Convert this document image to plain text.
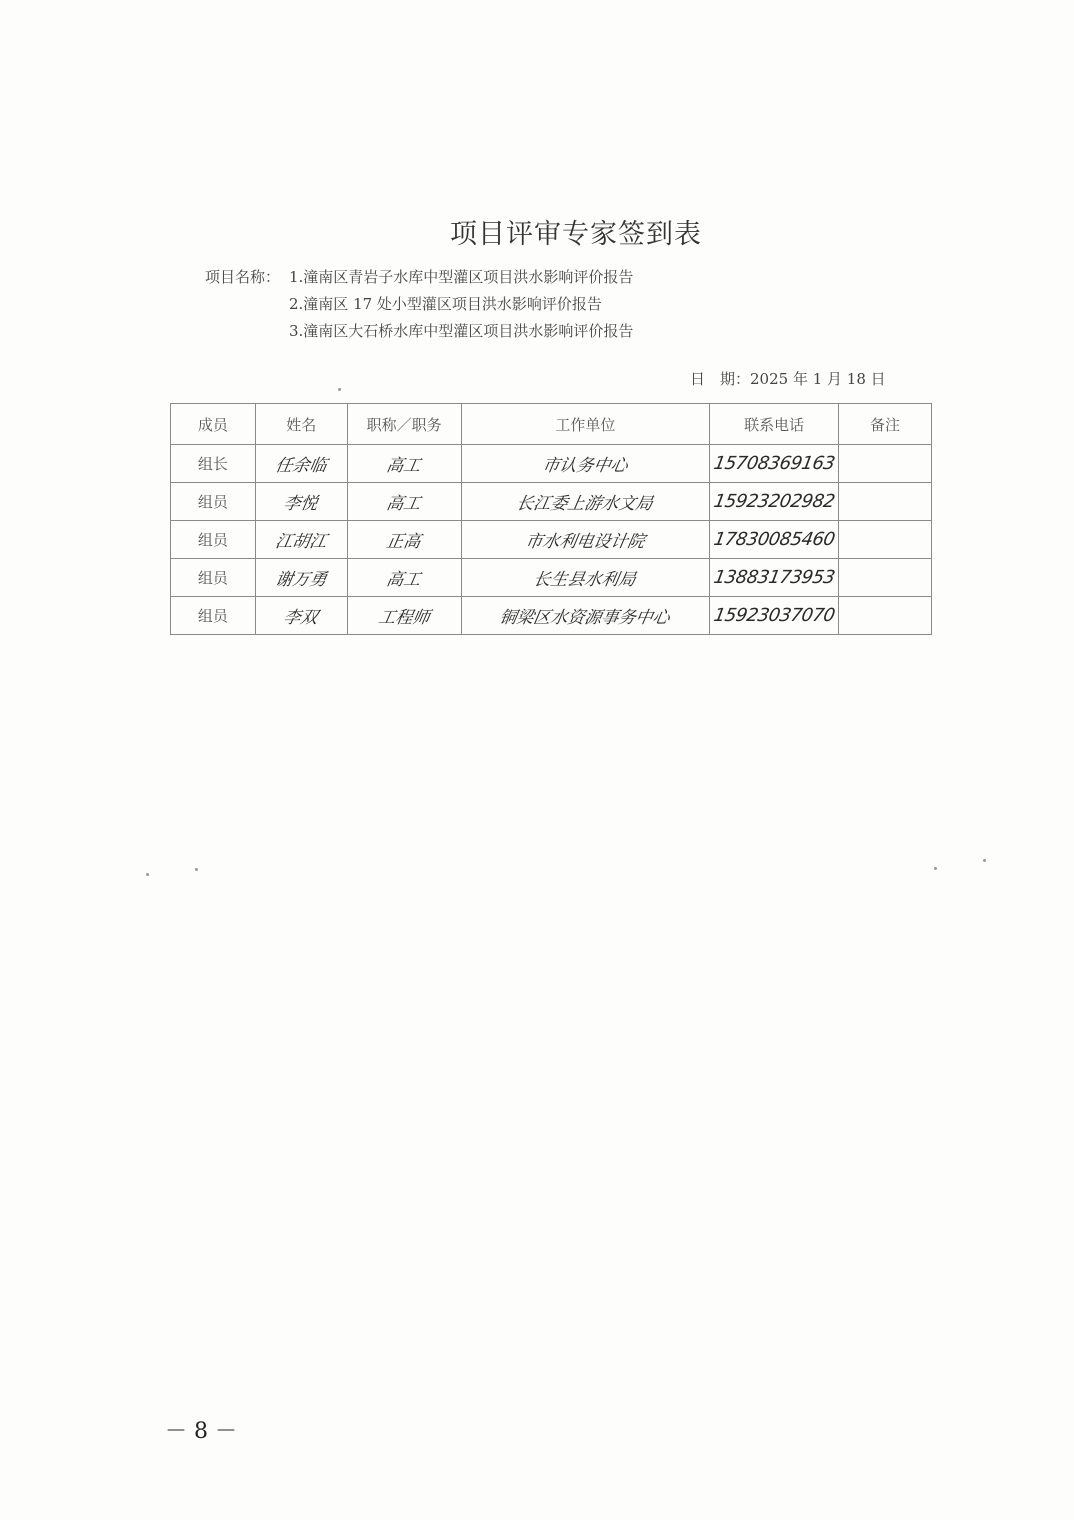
项目评审专家签到表
项目名称： 1.潼南区青岩子水库中型灌区项目洪水影响评价报告
2.潼南区 17 处小型灌区项目洪水影响评价报告
3.潼南区大石桥水库中型灌区项目洪水影响评价报告
日　期：2025 年 1 月 18 日
成员	姓名	职称／职务	工作单位	联系电话	备注
组长	任余临	高工	市认务中心	15708369163	
组员	李悦	高工	长江委上游水文局	15923202982	
组员	江胡江	正高	市水利电设计院	17830085460	
组员	谢万勇	高工	长生县水利局	13883173953	
组员	李双	工程师	铜梁区水资源事务中心	15923037070	
－ 8 －
